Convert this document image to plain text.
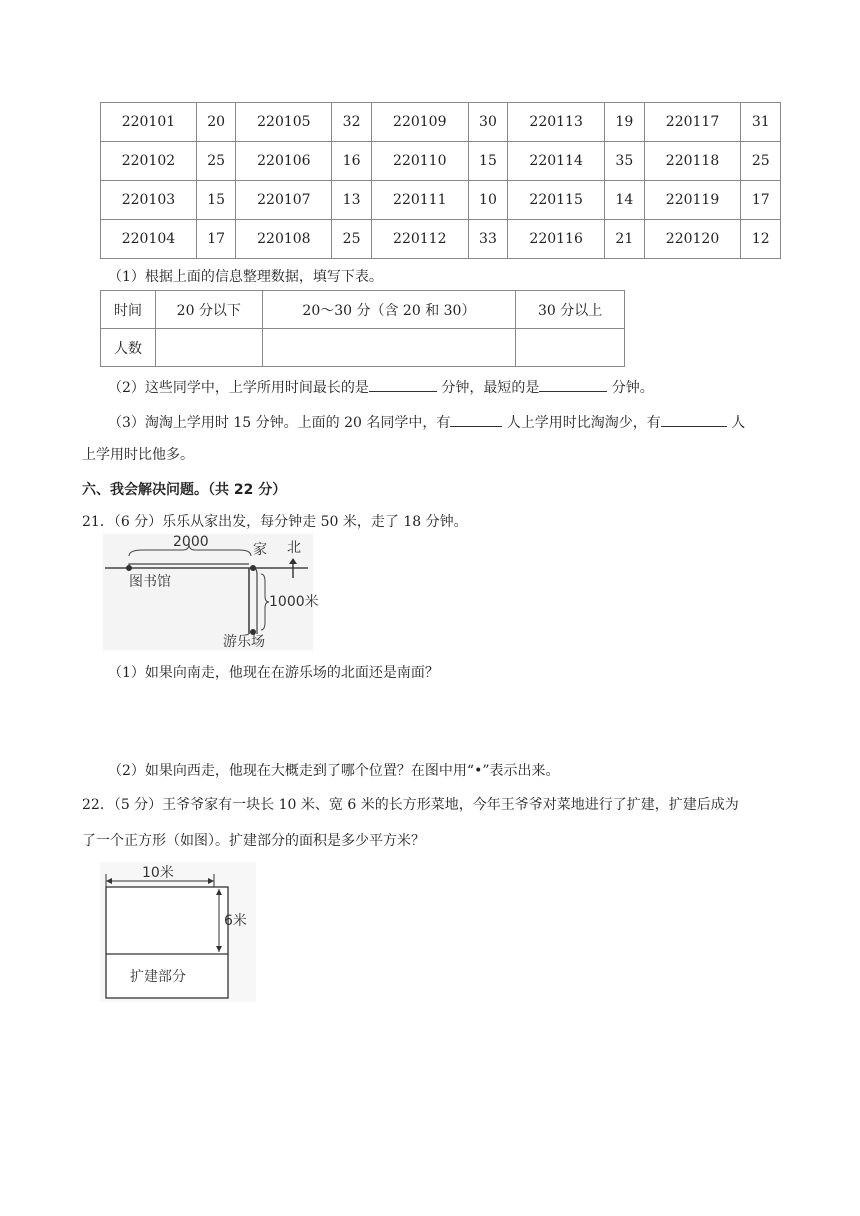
220101	20	220105	32	220109	30	220113	19	220117	31
220102	25	220106	16	220110	15	220114	35	220118	25
220103	15	220107	13	220111	10	220115	14	220119	17
220104	17	220108	25	220112	33	220116	21	220120	12
（1）根据上面的信息整理数据，填写下表。
时间	20 分以下	20～30 分（含 20 和 30）	30 分以上
人数			
（2）这些同学中，上学所用时间最长的是	分钟，最短的是	分钟。
（3）淘淘上学用时 15 分钟。上面的 20 名同学中，有	人上学用时比淘淘少，有	人
上学用时比他多。
六、我会解决问题。（共 22 分）
21．（6 分）乐乐从家出发，每分钟走 50 米，走了 18 分钟。
2000	家 北
图书馆
1000米
游乐场
（1）如果向南走，他现在在游乐场的北面还是南面？
（2）如果向西走，他现在大概走到了哪个位置？在图中用“•”表示出来。
22．（5 分）王爷爷家有一块长 10 米、宽 6 米的长方形菜地，今年王爷爷对菜地进行了扩建，扩建后成为
了一个正方形（如图）。扩建部分的面积是多少平方米？
10米
6米
扩建部分
